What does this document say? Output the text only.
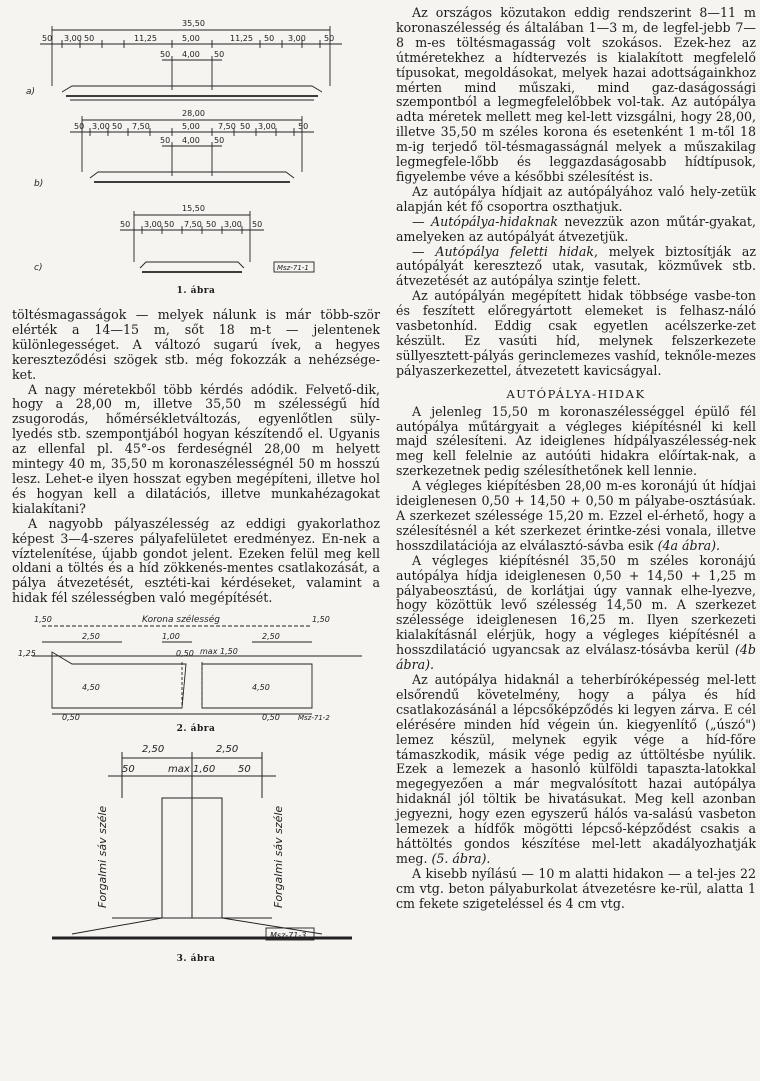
35,50
50 3,00 50	11,25	5,00	11,25 50 3,00 50
50 4,00 50
a)
28,00
50 3,00 50 7,50	5,00 7,50 50 3,00	50
50 4,00 50
b)
15,50
50 3,00 50 7,50 50 3,00 50
c)	Msz-71-1
1. ábra

töltésmagasságok — melyek nálunk is már több-ször elérték a 14—15 m, sőt 18 m-t — jelentenek különlegességet. A változó sugarú ívek, a hegyes kereszteződési szögek stb. még fokozzák a nehézsége-ket.

A nagy méretekből több kérdés adódik. Felvető-dik, hogy a 28,00 m, illetve 35,50 m szélességű híd zsugorodás, hőmérsékletváltozás, egyenlőtlen süly-lyedés stb. szempontjából hogyan készítendő el. Ugyanis az ellenfal pl. 45°-os ferdeségnél 28,00 m helyett mintegy 40 m, 35,50 m koronaszélességnél 50 m hosszú lesz. Lehet-e ilyen hosszat egyben megépíteni, illetve hol és hogyan kell a dilatációs, illetve munkahézagokat kialakítani?

A nagyobb pályaszélesség az eddigi gyakorlathoz képest 3—4-szeres pályafelületet eredményez. En-nek a víztelenítése, újabb gondot jelent. Ezeken felül meg kell oldani a töltés és a híd zökkenés-mentes csatlakozását, a pálya átvezetését, esztéti-kai kérdéseket, valamint a hidak fél szélességben való megépítését.

1,50	Korona szélesség	1,50
2,50	1,00	2,50
1,25	0,50 max 1,50
4,50	4,50
0,50	0,50	Msz-71-2
2. ábra
2,50	2,50
50	max 1,60 50
Forgalmi sáv széle	Forgalmi sáv széle
Msz-71-3
3. ábra

Az országos közutakon eddig rendszerint 8—11 m koronaszélesség és általában 1—3 m, de legfel-jebb 7—8 m-es töltésmagasság volt szokásos. Ezek-hez az útméretekhez a hídtervezés is kialakított megfelelő típusokat, megoldásokat, melyek hazai adottságainkhoz mérten mind műszaki, mind gaz-daságossági szempontból a legmegfelelőbbek vol-tak. Az autópálya adta méretek mellett meg kel-lett vizsgálni, hogy 28,00, illetve 35,50 m széles korona és esetenként 1 m-től 18 m-ig terjedő töl-tésmagasságnál melyek a műszakilag legmegfele-lőbb és leggazdaságosabb hídtípusok, figyelembe véve a későbbi szélesítést is.

Az autópálya hídjait az autópályához való hely-zetük alapján két fő csoportra oszthatjuk.

— Autópálya-hidaknak nevezzük azon műtár-gyakat, amelyeken az autópályát átvezetjük.

— Autópálya feletti hidak, melyek biztosítják az autópályát keresztező utak, vasutak, közművek stb. átvezetését az autópálya szintje felett.

Az autópályán megépített hidak többsége vasbe-ton és feszített előregyártott elemeket is felhasz-náló vasbetonhíd. Eddig csak egyetlen acélszerke-zet készült. Ez vasúti híd, melynek felszerkezete süllyesztett-pályás gerinclemezes vashíd, teknőle-mezes pályaszerkezettel, átvezetett kavicságyal.

AUTÓPÁLYA-HIDAK

A jelenleg 15,50 m koronaszélességgel épülő fél autópálya műtárgyait a végleges kiépítésnél ki kell majd szélesíteni. Az ideiglenes hídpályaszélesség-nek meg kell felelnie az autóúti hidakra előírtak-nak, a szerkezetnek pedig szélesíthetőnek kell lennie.

A végleges kiépítésben 28,00 m-es koronájú út hídjai ideiglenesen 0,50 + 14,50 + 0,50 m pályabe-osztásúak. A szerkezet szélessége 15,20 m. Ezzel el-érhető, hogy a szélesítésnél a két szerkezet érintke-zési vonala, illetve hosszdilatációja az elválasztó-sávba esik (4a ábra).

A végleges kiépítésnél 35,50 m széles koronájú autópálya hídja ideiglenesen 0,50 + 14,50 + 1,25 m pályabeosztású, de korlátjai úgy vannak elhe-lyezve, hogy közöttük levő szélesség 14,50 m. A szerkezet szélessége ideiglenesen 16,25 m. Ilyen szerkezeti kialakításnál elérjük, hogy a végleges kiépítésnél a hosszdilatáció ugyancsak az elválasz-tósávba kerül (4b ábra).

Az autópálya hidaknál a teherbíróképesség mel-lett elsőrendű követelmény, hogy a pálya és híd csatlakozásánál a lépcsőképződés ki legyen zárva. E cél elérésére minden híd végein ún. kiegyenlítő („úszó") lemez készül, melynek egyik vége a híd-főre támaszkodik, másik vége pedig az úttöltésbe nyúlik. Ezek a lemezek a hasonló külföldi tapaszta-latokkal megegyezően a már megvalósított hazai autópálya hidaknál jól töltik be hivatásukat. Meg kell azonban jegyezni, hogy ezen egyszerű hálós va-salású vasbeton lemezek a hídfők mögötti lépcső-képződést csakis a háttöltés gondos készítése mel-lett akadályozhatják meg. (5. ábra).

A kisebb nyílású — 10 m alatti hidakon — a tel-jes 22 cm vtg. beton pályaburkolat átvezetésre ke-rül, alatta 1 cm fekete szigeteléssel és 4 cm vtg.
